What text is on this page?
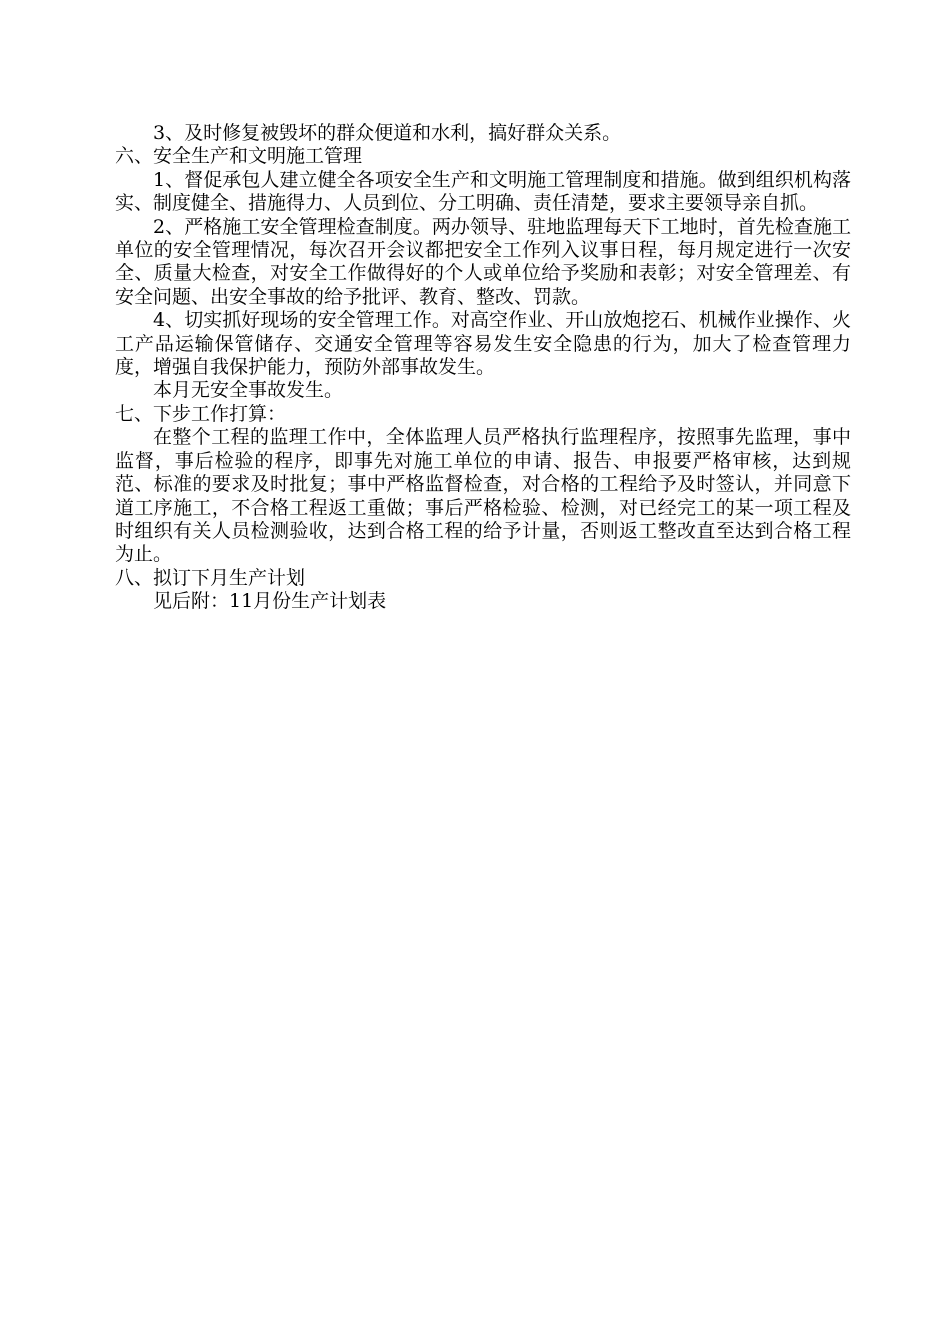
3、及时修复被毁坏的群众便道和水利，搞好群众关系。

六、安全生产和文明施工管理

1、督促承包人建立健全各项安全生产和文明施工管理制度和措施。做到组织机构落实、制度健全、措施得力、人员到位、分工明确、责任清楚，要求主要领导亲自抓。

2、严格施工安全管理检查制度。两办领导、驻地监理每天下工地时，首先检查施工单位的安全管理情况，每次召开会议都把安全工作列入议事日程，每月规定进行一次安全、质量大检查，对安全工作做得好的个人或单位给予奖励和表彰；对安全管理差、有安全问题、出安全事故的给予批评、教育、整改、罚款。

4、切实抓好现场的安全管理工作。对高空作业、开山放炮挖石、机械作业操作、火工产品运输保管储存、交通安全管理等容易发生安全隐患的行为，加大了检查管理力度，增强自我保护能力，预防外部事故发生。

本月无安全事故发生。

七、下步工作打算：

在整个工程的监理工作中，全体监理人员严格执行监理程序，按照事先监理，事中监督，事后检验的程序，即事先对施工单位的申请、报告、申报要严格审核，达到规范、标准的要求及时批复；事中严格监督检查，对合格的工程给予及时签认，并同意下道工序施工，不合格工程返工重做；事后严格检验、检测，对已经完工的某一项工程及时组织有关人员检测验收，达到合格工程的给予计量，否则返工整改直至达到合格工程为止。

八、拟订下月生产计划

见后附：11月份生产计划表
